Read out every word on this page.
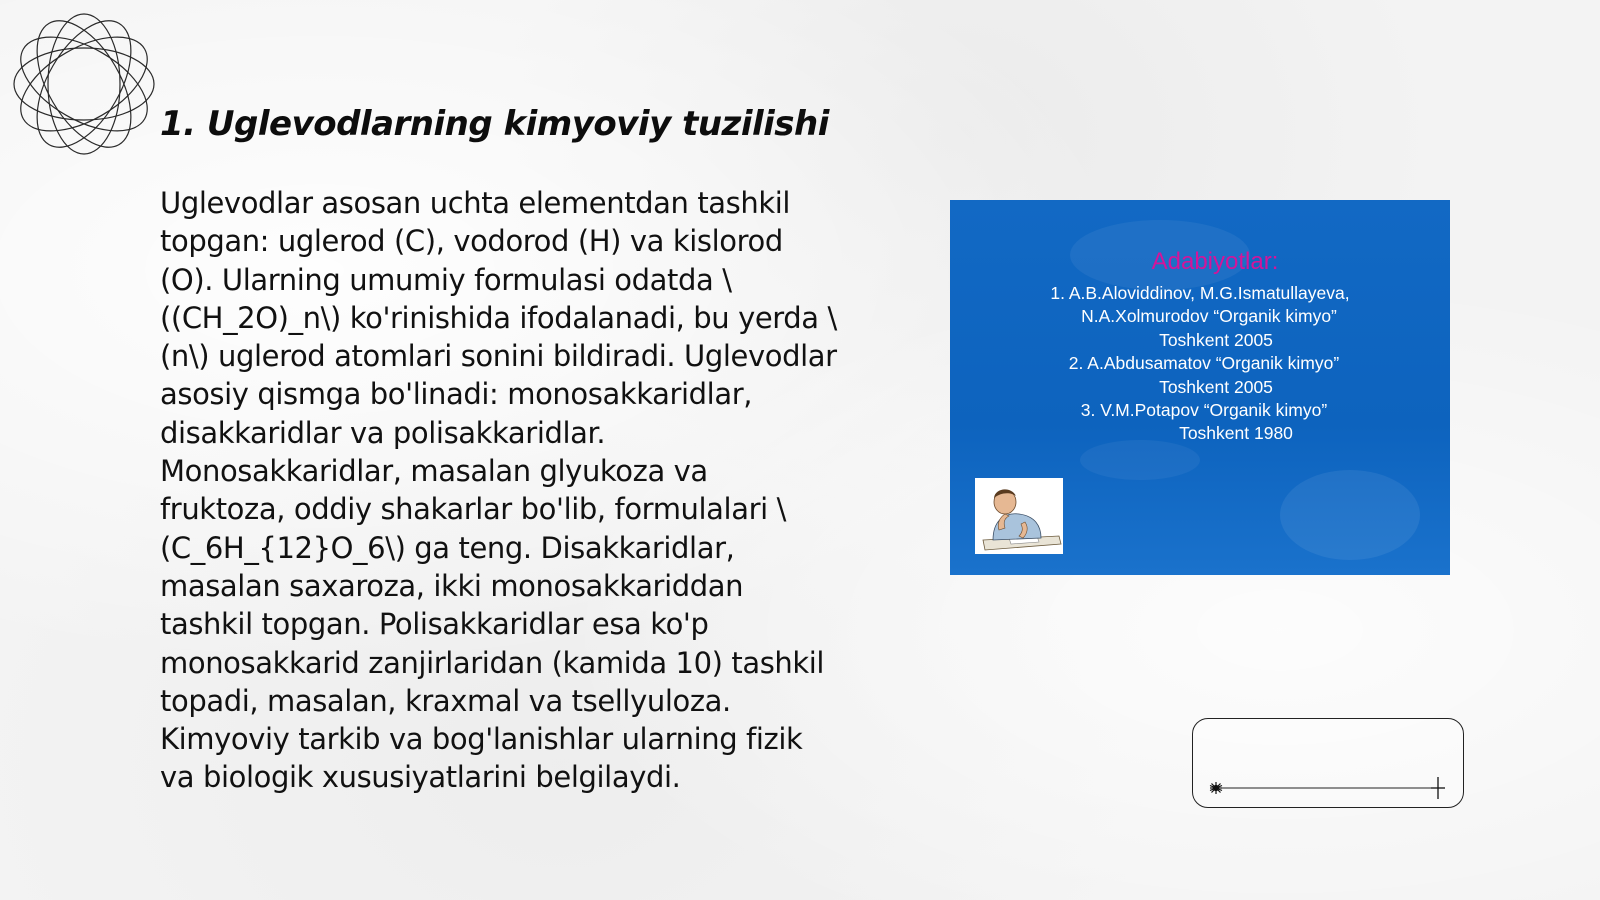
1. Uglevodlarning kimyoviy tuzilishi

Uglevodlar asosan uchta elementdan tashkil topgan: uglerod (C), vodorod (H) va kislorod (O). Ularning umumiy formulasi odatda \((CH_2O)_n\) ko'rinishida ifodalanadi, bu yerda \(n\) uglerod atomlari sonini bildiradi. Uglevodlar asosiy qismga bo'linadi: monosakkaridlar, disakkaridlar va polisakkaridlar. Monosakkaridlar, masalan glyukoza va fruktoza, oddiy shakarlar bo'lib, formulalari \(C_6H_{12}O_6\) ga teng. Disakkaridlar, masalan saxaroza, ikki monosakkariddan tashkil topgan. Polisakkaridlar esa ko'p monosakkarid zanjirlaridan (kamida 10) tashkil topadi, masalan, kraxmal va tsellyuloza. Kimyoviy tarkib va bog'lanishlar ularning fizik va biologik xususiyatlarini belgilaydi.

Adabiyotlar:
1. A.B.Aloviddinov, M.G.Ismatullayeva,
N.A.Xolmurodov “Organik kimyo”
Toshkent 2005
2. A.Abdusamatov “Organik kimyo”
Toshkent 2005
3. V.M.Potapov “Organik kimyo”
Toshkent 1980
